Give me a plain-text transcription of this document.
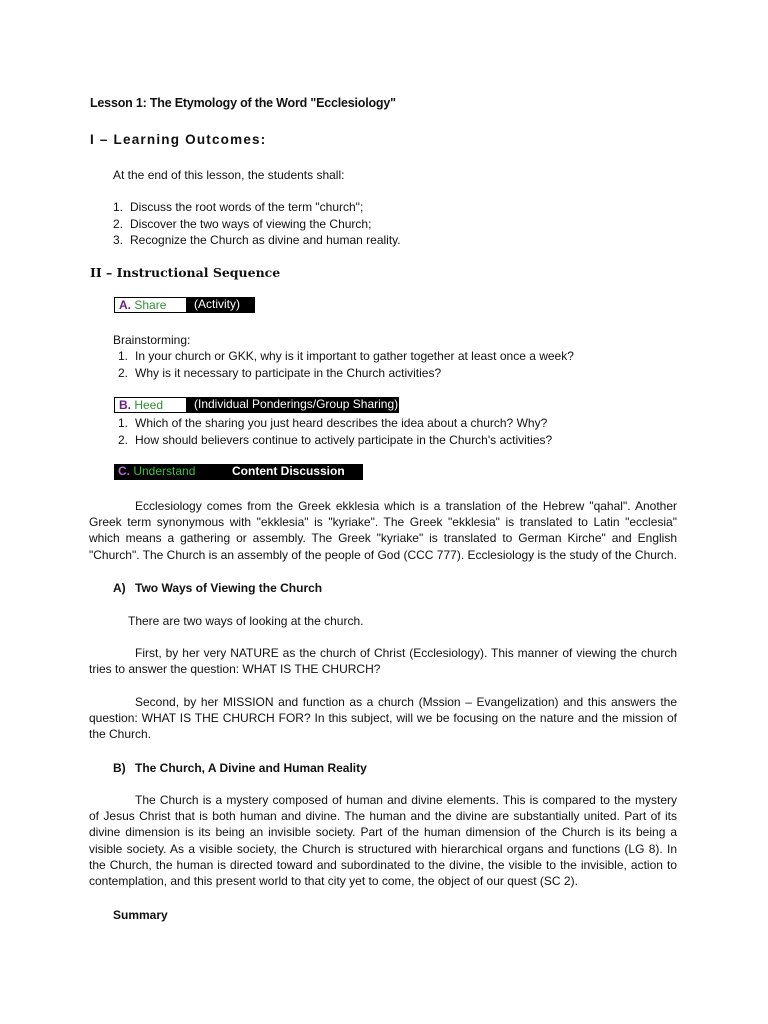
Lesson 1: The Etymology of the Word "Ecclesiology"
I – Learning Outcomes:
At the end of this lesson, the students shall:
1. Discuss the root words of the term "church";
2. Discover the two ways of viewing the Church;
3. Recognize the Church as divine and human reality.
II – Instructional Sequence
A. Share	(Activity)
Brainstorming:
1. In your church or GKK, why is it important to gather together at least once a week?
2. Why is it necessary to participate in the Church activities?
B. Heed	(Individual Ponderings/Group Sharing)
1. Which of the sharing you just heard describes the idea about a church? Why?
2. How should believers continue to actively participate in the Church's activities?
C. Understand	Content Discussion
Ecclesiology comes from the Greek ekklesia which is a translation of the Hebrew "qahal". Another Greek term synonymous with "ekklesia" is "kyriake". The Greek "ekklesia" is translated to Latin "ecclesia" which means a gathering or assembly. The Greek "kyriake" is translated to German Kirche" and English "Church". The Church is an assembly of the people of God (CCC 777). Ecclesiology is the study of the Church.
A) Two Ways of Viewing the Church
There are two ways of looking at the church.
First, by her very NATURE as the church of Christ (Ecclesiology). This manner of viewing the church tries to answer the question: WHAT IS THE CHURCH?
Second, by her MISSION and function as a church (Mssion – Evangelization) and this answers the question: WHAT IS THE CHURCH FOR? In this subject, will we be focusing on the nature and the mission of the Church.
B) The Church, A Divine and Human Reality
The Church is a mystery composed of human and divine elements. This is compared to the mystery of Jesus Christ that is both human and divine. The human and the divine are substantially united. Part of its divine dimension is its being an invisible society. Part of the human dimension of the Church is its being a visible society. As a visible society, the Church is structured with hierarchical organs and functions (LG 8). In the Church, the human is directed toward and subordinated to the divine, the visible to the invisible, action to contemplation, and this present world to that city yet to come, the object of our quest (SC 2).
Summary
